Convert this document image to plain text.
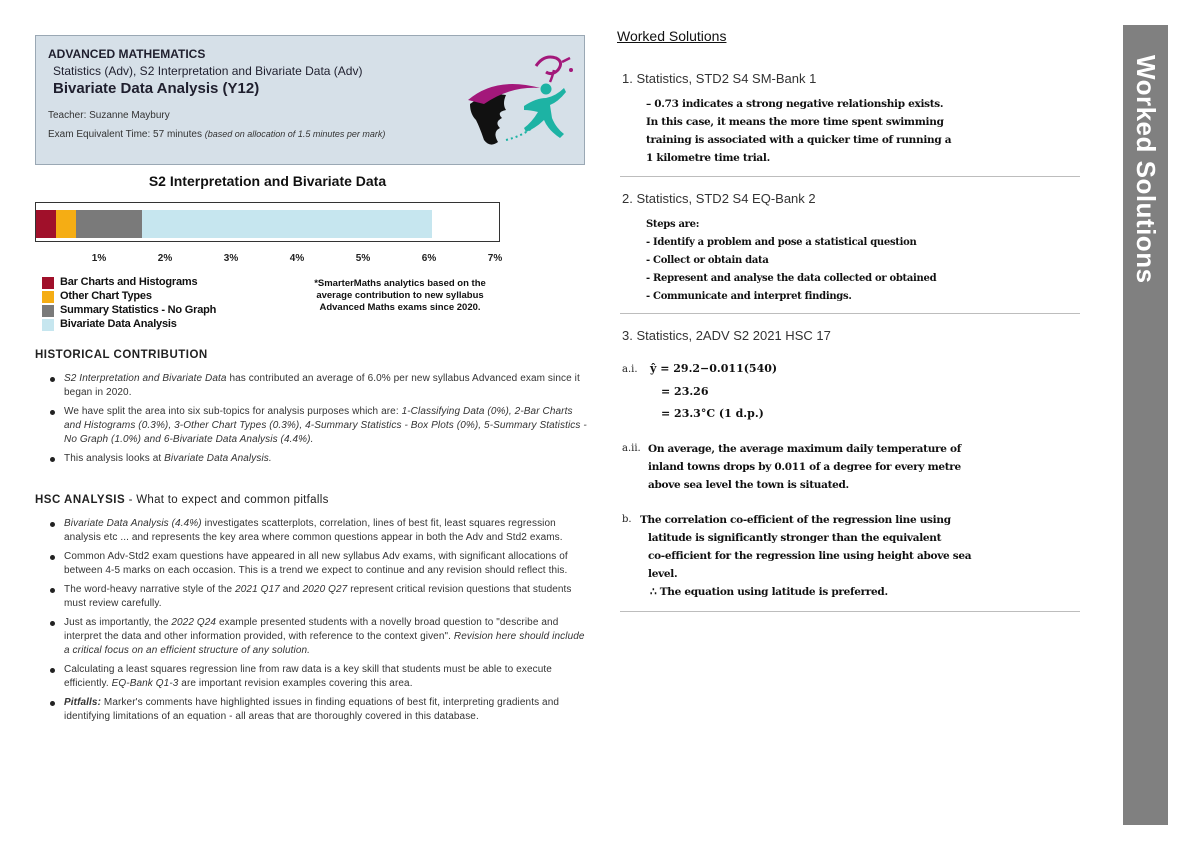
ADVANCED MATHEMATICS
Statistics (Adv), S2 Interpretation and Bivariate Data (Adv)
Bivariate Data Analysis (Y12)
Teacher: Suzanne Maybury
Exam Equivalent Time: 57 minutes (based on allocation of 1.5 minutes per mark)
S2 Interpretation and Bivariate Data
1%	2%	3%	4%	5%	6%	7%
Bar Charts and Histograms
Other Chart Types
Summary Statistics - No Graph
Bivariate Data Analysis
*SmarterMaths analytics based on the average contribution to new syllabus Advanced Maths exams since 2020.
HISTORICAL CONTRIBUTION
S2 Interpretation and Bivariate Data has contributed an average of 6.0% per new syllabus Advanced exam since it began in 2020.
We have split the area into six sub-topics for analysis purposes which are: 1-Classifying Data (0%), 2-Bar Charts and Histograms (0.3%), 3-Other Chart Types (0.3%), 4-Summary Statistics - Box Plots (0%), 5-Summary Statistics - No Graph (1.0%) and 6-Bivariate Data Analysis (4.4%).
This analysis looks at Bivariate Data Analysis.
HSC ANALYSIS - What to expect and common pitfalls
Bivariate Data Analysis (4.4%) investigates scatterplots, correlation, lines of best fit, least squares regression analysis etc ... and represents the key area where common questions appear in both the Adv and Std2 exams.
Common Adv-Std2 exam questions have appeared in all new syllabus Adv exams, with significant allocations of between 4-5 marks on each occasion. This is a trend we expect to continue and any revision should reflect this.
The word-heavy narrative style of the 2021 Q17 and 2020 Q27 represent critical revision questions that students must review carefully.
Just as importantly, the 2022 Q24 example presented students with a novelly broad question to "describe and interpret the data and other information provided, with reference to the context given". Revision here should include a critical focus on an efficient structure of any solution.
Calculating a least squares regression line from raw data is a key skill that students must be able to execute efficiently. EQ-Bank Q1-3 are important revision examples covering this area.
Pitfalls: Marker's comments have highlighted issues in finding equations of best fit, interpreting gradients and identifying limitations of an equation - all areas that are thoroughly covered in this database.
Worked Solutions
1. Statistics, STD2 S4 SM-Bank 1
– 0.73 indicates a strong negative relationship exists.
In this case, it means the more time spent swimming
training is associated with a quicker time of running a
1 kilometre time trial.
2. Statistics, STD2 S4 EQ-Bank 2
Steps are:
- Identify a problem and pose a statistical question
- Collect or obtain data
- Represent and analyse the data collected or obtained
- Communicate and interpret findings.
3. Statistics, 2ADV S2 2021 HSC 17
a.i. ŷ = 29.2−0.011(540)
= 23.26
= 23.3°C (1 d.p.)
a.ii. On average, the average maximum daily temperature of
inland towns drops by 0.011 of a degree for every metre
above sea level the town is situated.
b. The correlation co-efficient of the regression line using
latitude is significantly stronger than the equivalent
co-efficient for the regression line using height above sea
level.
∴ The equation using latitude is preferred.
Worked Solutions
